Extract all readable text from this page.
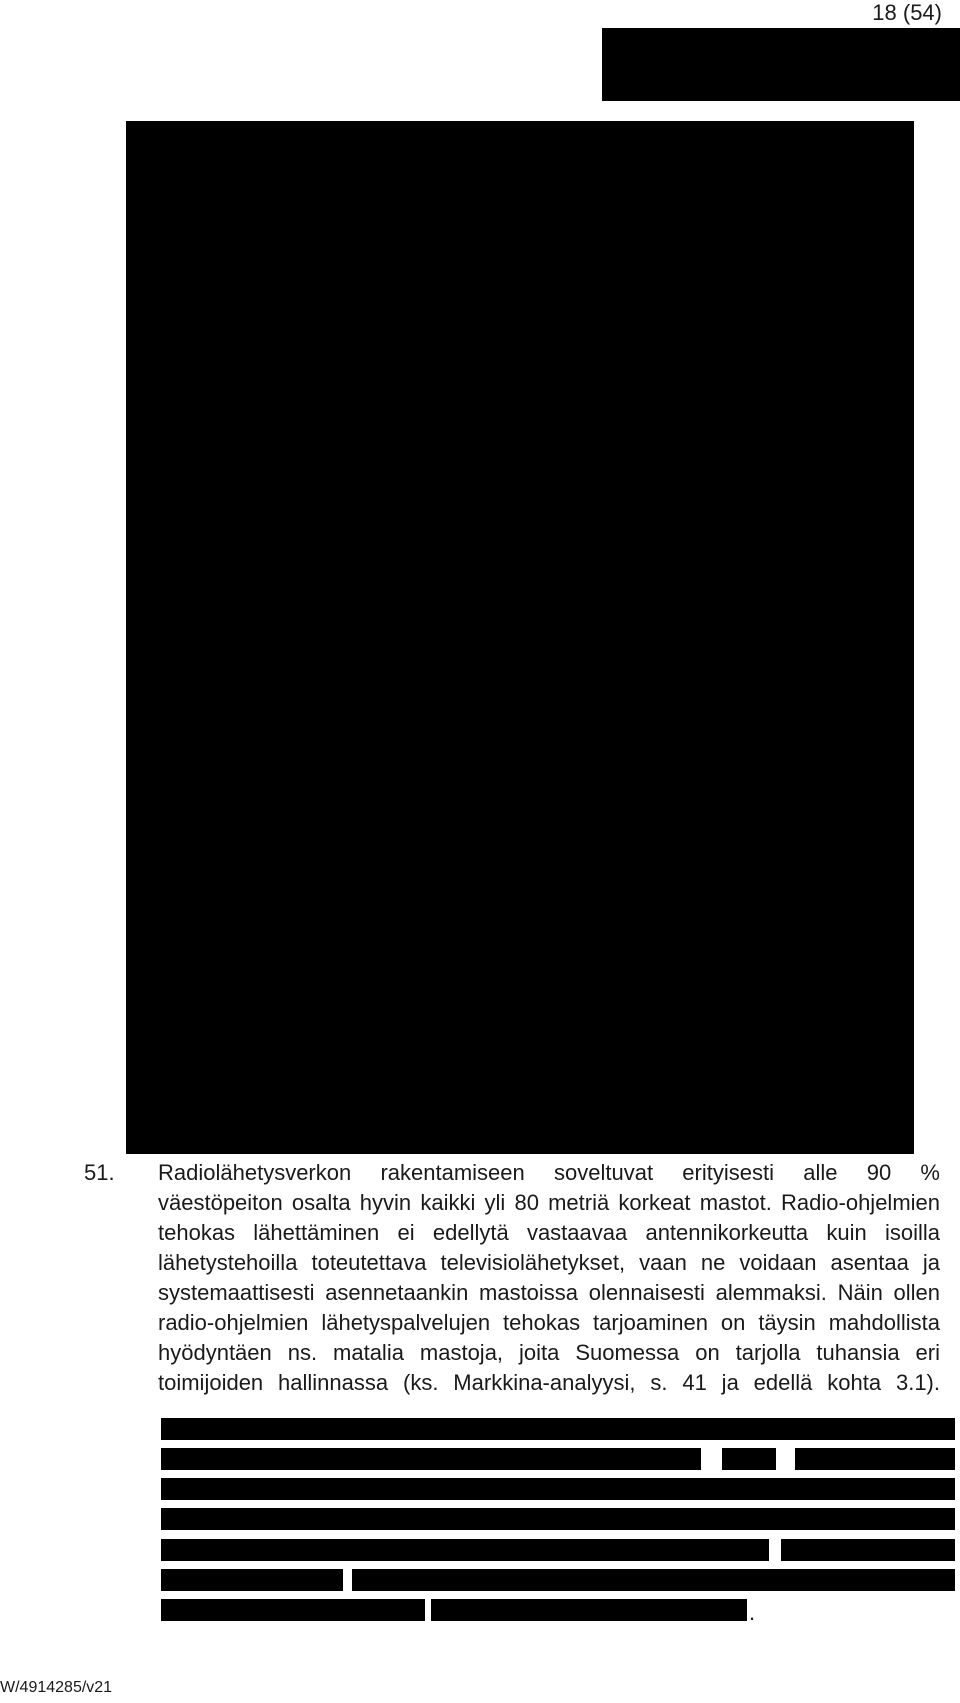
18 (54)
51. Radiolähetysverkon rakentamiseen soveltuvat erityisesti alle 90 %
väestöpeiton osalta hyvin kaikki yli 80 metriä korkeat mastot. Radio-ohjelmien
tehokas lähettäminen ei edellytä vastaavaa antennikorkeutta kuin isoilla
lähetystehoilla toteutettava televisiolähetykset, vaan ne voidaan asentaa ja
systemaattisesti asennetaankin mastoissa olennaisesti alemmaksi. Näin ollen
radio-ohjelmien lähetyspalvelujen tehokas tarjoaminen on täysin mahdollista
hyödyntäen ns. matalia mastoja, joita Suomessa on tarjolla tuhansia eri
toimijoiden hallinnassa (ks. Markkina-analyysi, s. 41 ja edellä kohta 3.1).
.
W/4914285/v21
